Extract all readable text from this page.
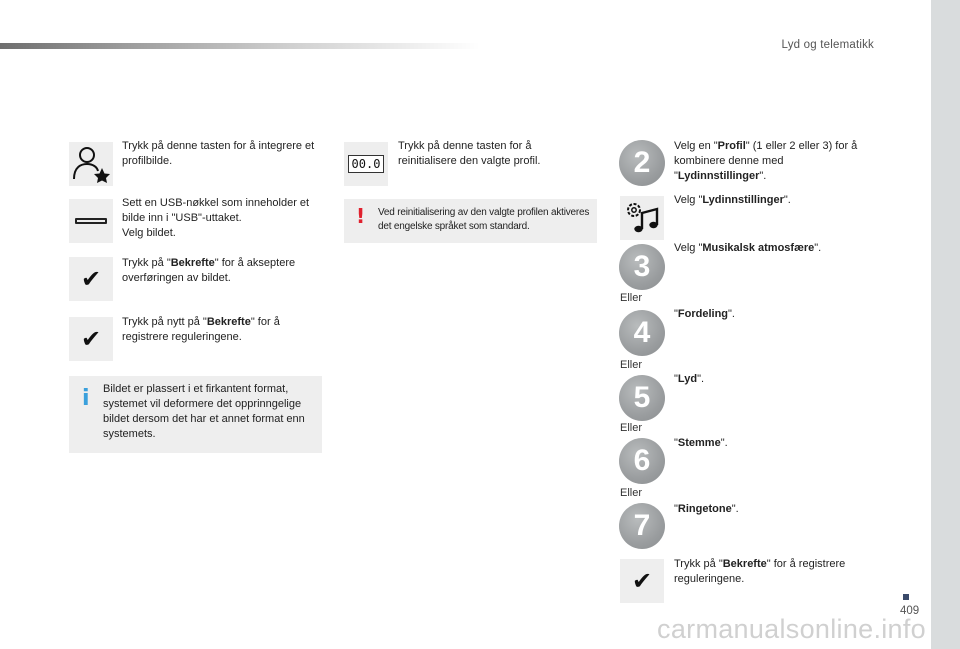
Lyd og telematikk
409
carmanualsonline.info
Trykk på denne tasten for å integrere et profilbilde.
Sett en USB-nøkkel som inneholder et bilde inn i "USB"-uttaket.
Velg bildet.
✔
Trykk på "Bekrefte" for å akseptere overføringen av bildet.
✔
Trykk på nytt på "Bekrefte" for å registrere reguleringene.
i Bildet er plassert i et firkantent format, systemet vil deformere det opprinngelige bildet dersom det har et annet format enn systemets.
00.0
Trykk på denne tasten for å reinitialisere den valgte profil.
! Ved reinitialisering av den valgte profilen aktiveres det engelske språket som standard.
2	Velg en "Profil" (1 eller 2 eller 3) for å kombinere denne med "Lydinnstillinger".
Velg "Lydinnstillinger".
3
Velg "Musikalsk atmosfære".
Eller
4
"Fordeling".
Eller
5
"Lyd".
Eller
6
"Stemme".
Eller
7	"Ringetone".
✔
Trykk på "Bekrefte" for å registrere reguleringene.
